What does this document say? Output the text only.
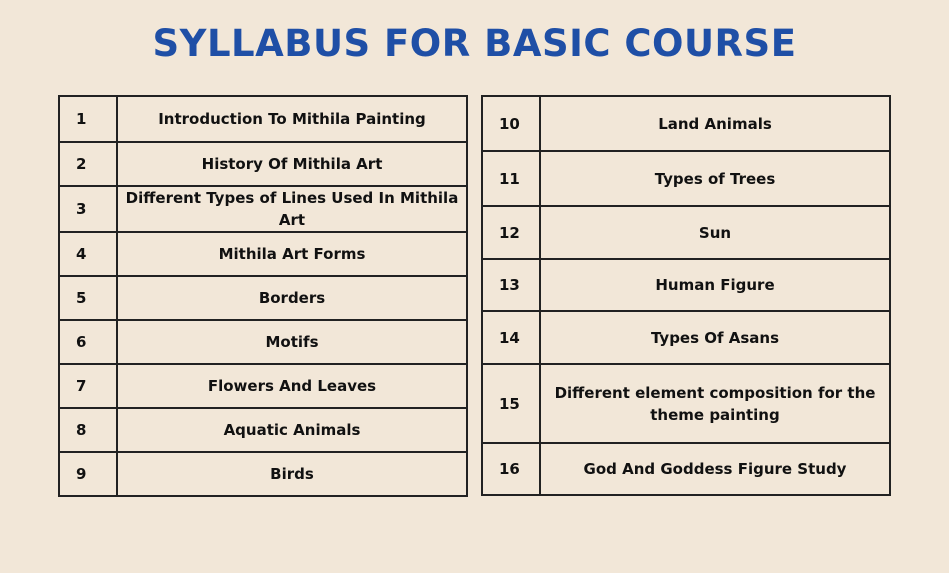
SYLLABUS FOR BASIC COURSE
1	Introduction To Mithila Painting
2	History Of Mithila Art
3	Different Types of Lines Used In Mithila Art
4	Mithila Art Forms
5	Borders
6	Motifs
7	Flowers And Leaves
8	Aquatic Animals
9	Birds
10	Land Animals
11	Types of Trees
12	Sun
13	Human Figure
14	Types Of Asans
15	Different element composition for the theme painting
16	God And Goddess Figure Study
